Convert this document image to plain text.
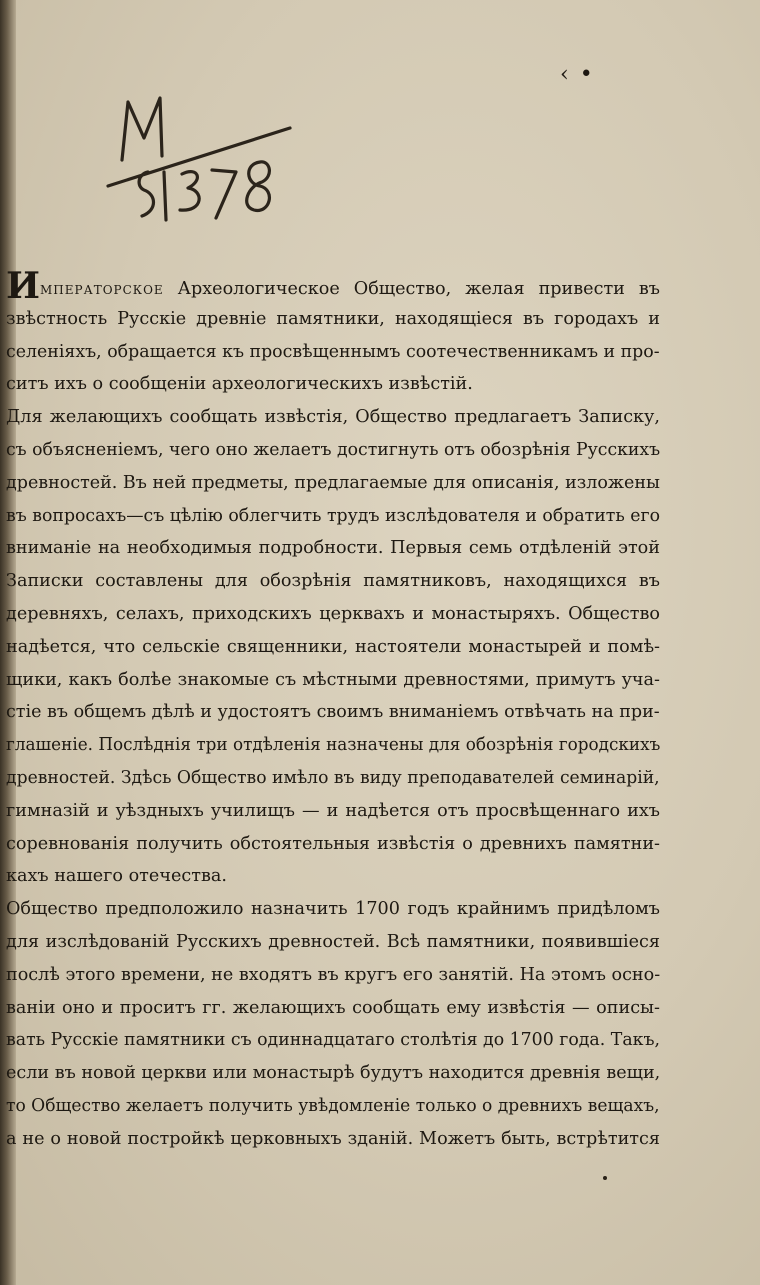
‹ •
Императорское Археологическое Общество, желая привести въ
звѣстность Русскіе древніе памятники, находящіеся въ городахъ и
селеніяхъ, обращается къ просвѣщеннымъ соотечественникамъ и про-
ситъ ихъ о сообщеніи археологическихъ извѣстій.
Для желающихъ сообщать извѣстія, Общество предлагаетъ Записку,
съ объясненіемъ, чего оно желаетъ достигнуть отъ обозрѣнія Русскихъ
древностей. Въ ней предметы, предлагаемые для описанія, изложены
въ вопросахъ—съ цѣлію облегчить трудъ изслѣдователя и обратить его
вниманіе на необходимыя подробности. Первыя семь отдѣленій этой
Записки составлены для обозрѣнія памятниковъ, находящихся въ
деревняхъ, селахъ, приходскихъ церквахъ и монастыряхъ. Общество
надѣется, что сельскіе священники, настоятели монастырей и помѣ-
щики, какъ болѣе знакомые съ мѣстными древностями, примутъ уча-
стіе въ общемъ дѣлѣ и удостоятъ своимъ вниманіемъ отвѣчать на при-
глашеніе. Послѣднія три отдѣленія назначены для обозрѣнія городскихъ
древностей. Здѣсь Общество имѣло въ виду преподавателей семинарій,
гимназій и уѣздныхъ училищъ — и надѣется отъ просвѣщеннаго ихъ
соревнованія получить обстоятельныя извѣстія о древнихъ памятни-
кахъ нашего отечества.
Общество предположило назначить 1700 годъ крайнимъ придѣломъ
для изслѣдованій Русскихъ древностей. Всѣ памятники, появившіеся
послѣ этого времени, не входятъ въ кругъ его занятій. На этомъ осно-
ваніи оно и проситъ гг. желающихъ сообщать ему извѣстія — описы-
вать Русскіе памятники съ одиннадцатаго столѣтія до 1700 года. Такъ,
если въ новой церкви или монастырѣ будутъ находится древнія вещи,
то Общество желаетъ получить увѣдомленіе только о древнихъ вещахъ,
а не о новой постройкѣ церковныхъ зданій. Можетъ быть, встрѣтится
